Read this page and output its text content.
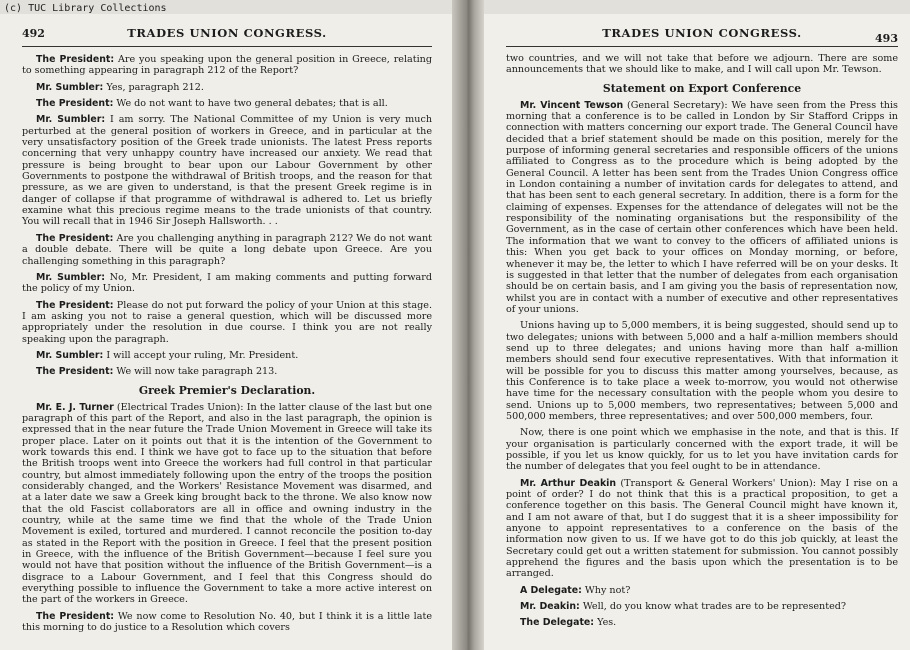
(c) TUC Library Collections
492	TRADES UNION CONGRESS.

The President: Are you speaking upon the general position in Greece, relating to something appearing in paragraph 212 of the Report?

Mr. Sumbler: Yes, paragraph 212.

The President: We do not want to have two general debates; that is all.

Mr. Sumbler: I am sorry. The National Committee of my Union is very much perturbed at the general position of workers in Greece, and in particular at the very unsatisfactory position of the Greek trade unionists. The latest Press reports concerning that very unhappy country have increased our anxiety. We read that pressure is being brought to bear upon our Labour Government by other Governments to postpone the withdrawal of British troops, and the reason for that pressure, as we are given to understand, is that the present Greek regime is in danger of collapse if that programme of withdrawal is adhered to. Let us briefly examine what this precious regime means to the trade unionists of that country. You will recall that in 1946 Sir Joseph Hallsworth. . .

The President: Are you challenging anything in paragraph 212? We do not want a double debate. There will be quite a long debate upon Greece. Are you challenging something in this paragraph?

Mr. Sumbler: No, Mr. President, I am making comments and putting forward the policy of my Union.

The President: Please do not put forward the policy of your Union at this stage. I am asking you not to raise a general question, which will be discussed more appropriately under the resolution in due course. I think you are not really speaking upon the paragraph.

Mr. Sumbler: I will accept your ruling, Mr. President.

The President: We will now take paragraph 213.

Greek Premier's Declaration.

Mr. E. J. Turner (Electrical Trades Union): In the latter clause of the last but one paragraph of this part of the Report, and also in the last paragraph, the opinion is expressed that in the near future the Trade Union Movement in Greece will take its proper place. Later on it points out that it is the intention of the Government to work towards this end. I think we have got to face up to the situation that before the British troops went into Greece the workers had full control in that particular country, but almost immediately following upon the entry of the troops the position considerably changed, and the Workers' Resistance Movement was disarmed, and at a later date we saw a Greek king brought back to the throne. We also know now that the old Fascist collaborators are all in office and owning industry in the country, while at the same time we find that the whole of the Trade Union Movement is exiled, tortured and murdered. I cannot reconcile the position to-day as stated in the Report with the position in Greece. I feel that the present position in Greece, with the influence of the British Government—because I feel sure you would not have that position without the influence of the British Government—is a disgrace to a Labour Government, and I feel that this Congress should do everything possible to influence the Government to take a more active interest on the part of the workers in Greece.

The President: We now come to Resolution No. 40, but I think it is a little late this morning to do justice to a Resolution which covers

TRADES UNION CONGRESS.	493

two countries, and we will not take that before we adjourn. There are some announcements that we should like to make, and I will call upon Mr. Tewson.

Statement on Export Conference

Mr. Vincent Tewson (General Secretary): We have seen from the Press this morning that a conference is to be called in London by Sir Stafford Cripps in connection with matters concerning our export trade. The General Council have decided that a brief statement should be made on this position, merely for the purpose of informing general secretaries and responsible officers of the unions affiliated to Congress as to the procedure which is being adopted by the General Council. A letter has been sent from the Trades Union Congress office in London containing a number of invitation cards for delegates to attend, and that has been sent to each general secretary. In addition, there is a form for the claiming of expenses. Expenses for the attendance of delegates will not be the responsibility of the nominating organisations but the responsibility of the Government, as in the case of certain other conferences which have been held. The information that we want to convey to the officers of affiliated unions is this: When you get back to your offices on Monday morning, or before, whenever it may be, the letter to which I have referred will be on your desks. It is suggested in that letter that the number of delegates from each organisation should be on certain basis, and I am giving you the basis of representation now, whilst you are in contact with a number of executive and other representatives of your unions.

Unions having up to 5,000 members, it is being suggested, should send up to two delegates; unions with between 5,000 and a half a-million members should send up to three delegates; and unions having more than half a-million members should send four executive representatives. With that information it will be possible for you to discuss this matter among yourselves, because, as this Conference is to take place a week to-morrow, you would not otherwise have time for the necessary consultation with the people whom you desire to send. Unions up to 5,000 members, two representatives; between 5,000 and 500,000 members, three representatives; and over 500,000 members, four.

Now, there is one point which we emphasise in the note, and that is this. If your organisation is particularly concerned with the export trade, it will be possible, if you let us know quickly, for us to let you have invitation cards for the number of delegates that you feel ought to be in attendance.

Mr. Arthur Deakin (Transport & General Workers' Union): May I rise on a point of order? I do not think that this is a practical proposition, to get a conference together on this basis. The General Council might have known it, and I am not aware of that, but I do suggest that it is a sheer impossibility for anyone to appoint representatives to a conference on the basis of the information now given to us. If we have got to do this job quickly, at least the Secretary could get out a written statement for submission. You cannot possibly apprehend the figures and the basis upon which the presentation is to be arranged.

A Delegate: Why not?

Mr. Deakin: Well, do you know what trades are to be represented?

The Delegate: Yes.
